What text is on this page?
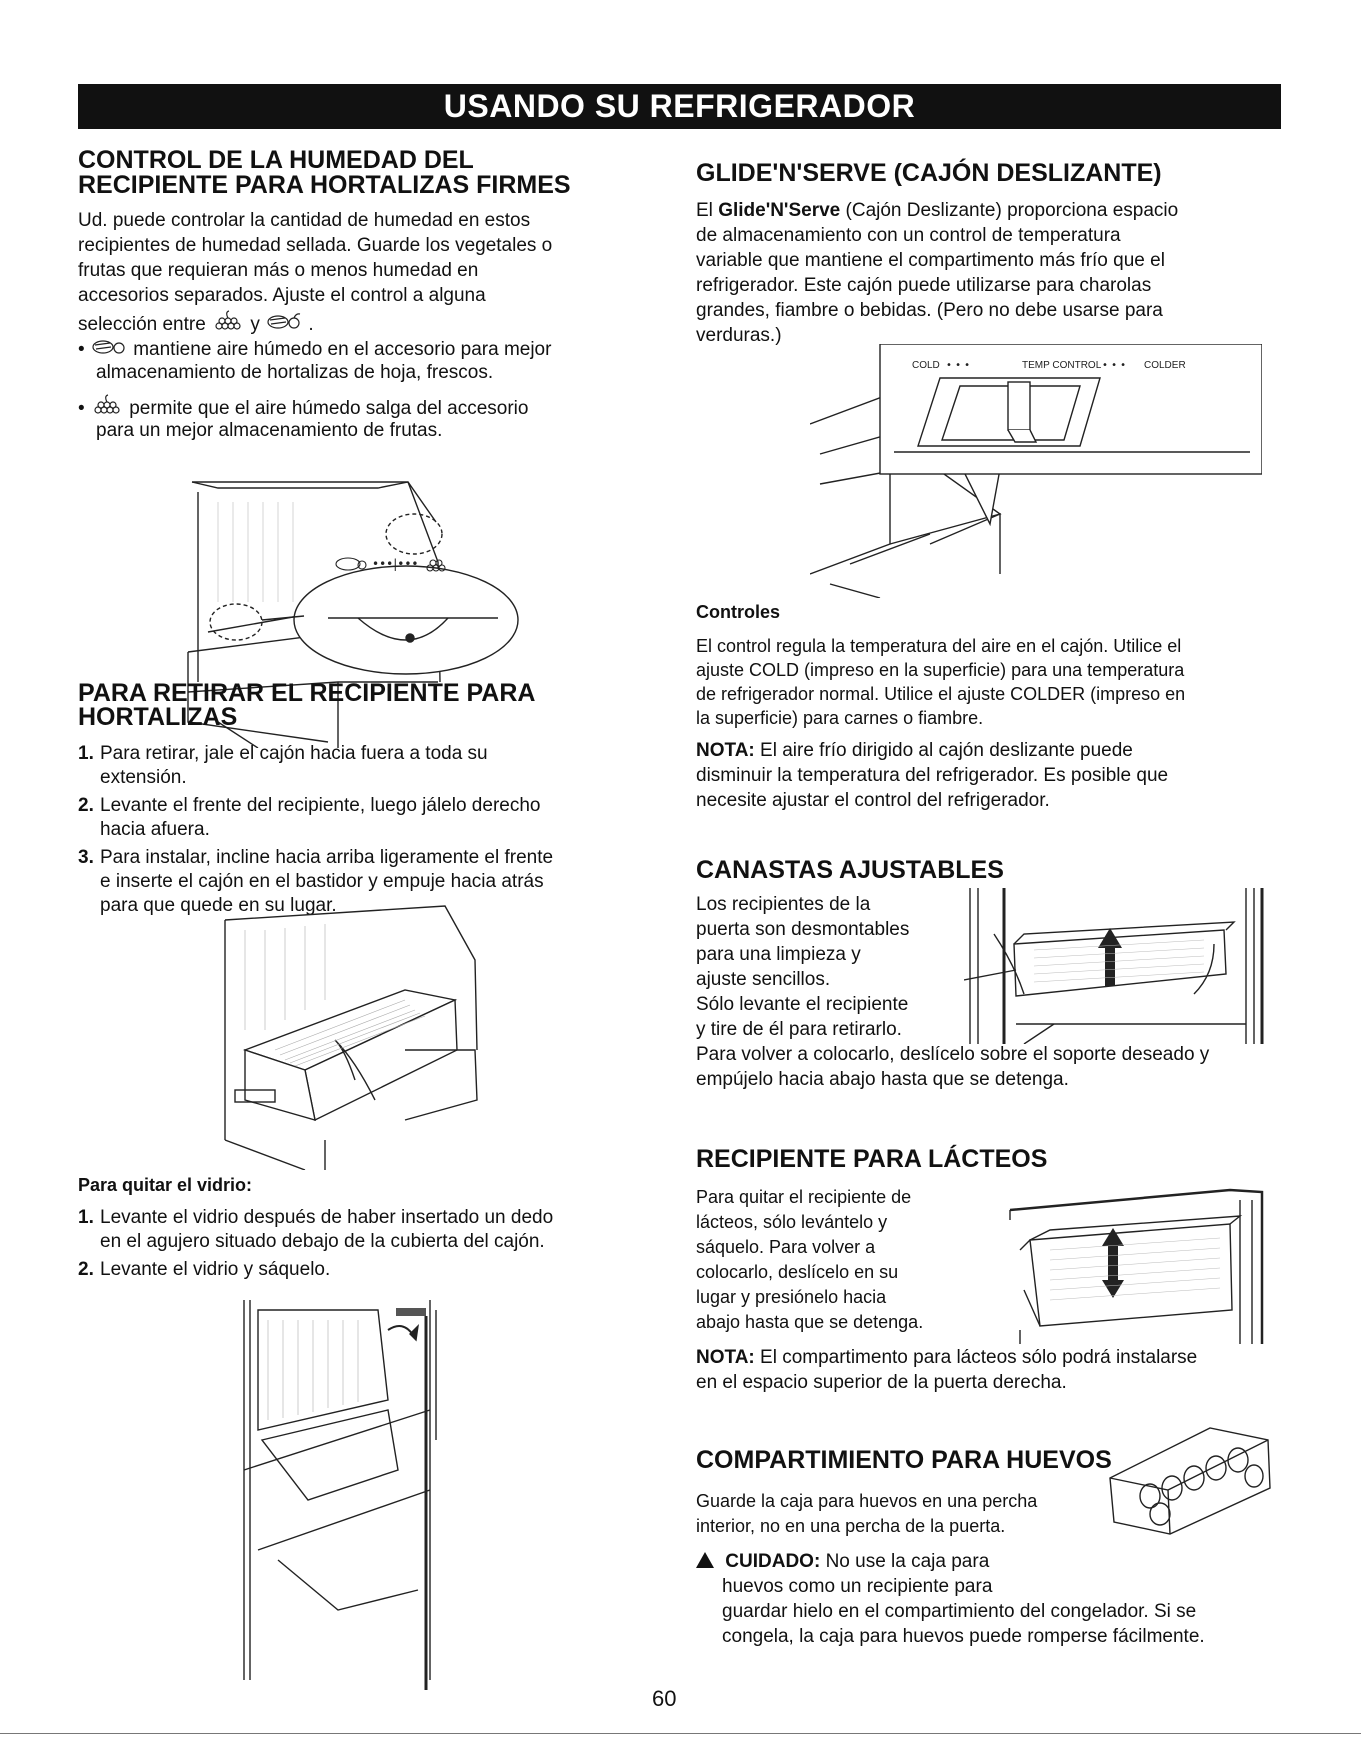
USANDO SU REFRIGERADOR
CONTROL DE LA HUMEDAD DEL
RECIPIENTE PARA HORTALIZAS FIRMES
Ud. puede controlar la cantidad de humedad en estos
recipientes de humedad sellada. Guarde los vegetales o
frutas que requieran más o menos humedad en
accesorios separados. Ajuste el control a alguna
selección entre y	.
•	mantiene aire húmedo en el accesorio para mejor
almacenamiento de hortalizas de hoja, frescos.
• permite que el aire húmedo salga del accesorio
para un mejor almacenamiento de frutas.
•••|•••
PARA RETIRAR EL RECIPIENTE PARA
HORTALIZAS
1. Para retirar, jale el cajón hacia fuera a toda su
extensión.
2. Levante el frente del recipiente, luego jálelo derecho
hacia afuera.
3. Para instalar, incline hacia arriba ligeramente el frente
e inserte el cajón en el bastidor y empuje hacia atrás
para que quede en su lugar.
Para quitar el vidrio:
1. Levante el vidrio después de haber insertado un dedo
en el agujero situado debajo de la cubierta del cajón.
2. Levante el vidrio y sáquelo.
GLIDE'N'SERVE (CAJÓN DESLIZANTE)
El Glide'N'Serve (Cajón Deslizante) proporciona espacio
de almacenamiento con un control de temperatura
variable que mantiene el compartimento más frío que el
refrigerador. Este cajón puede utilizarse para charolas
grandes, fiambre o bebidas. (Pero no debe usarse para
verduras.)
COLD • • •	TEMP CONTROL • • • COLDER
Controles
El control regula la temperatura del aire en el cajón. Utilice el
ajuste COLD (impreso en la superficie) para una temperatura
de refrigerador normal. Utilice el ajuste COLDER (impreso en
la superficie) para carnes o fiambre.
NOTA: El aire frío dirigido al cajón deslizante puede
disminuir la temperatura del refrigerador. Es posible que
necesite ajustar el control del refrigerador.
CANASTAS AJUSTABLES
Los recipientes de la
puerta son desmontables
para una limpieza y
ajuste sencillos.
Sólo levante el recipiente
y tire de él para retirarlo.
Para volver a colocarlo, deslícelo sobre el soporte deseado y
empújelo hacia abajo hasta que se detenga.
RECIPIENTE PARA LÁCTEOS
Para quitar el recipiente de
lácteos, sólo levántelo y
sáquelo. Para volver a
colocarlo, deslícelo en su
lugar y presiónelo hacia
abajo hasta que se detenga.
NOTA: El compartimento para lácteos sólo podrá instalarse
en el espacio superior de la puerta derecha.
COMPARTIMIENTO PARA HUEVOS
Guarde la caja para huevos en una percha
interior, no en una percha de la puerta.
CUIDADO: No use la caja para
huevos como un recipiente para
guardar hielo en el compartimiento del congelador. Si se
congela, la caja para huevos puede romperse fácilmente.
60
